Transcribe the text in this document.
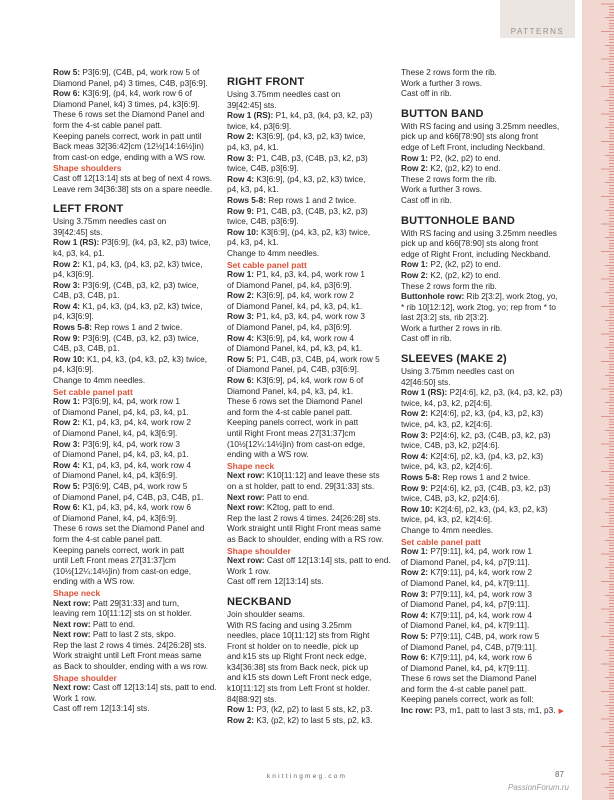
PATTERNS
Row 5: P3[6:9], (C4B, p4, work row 5 of
Diamond Panel, p4) 3 times, C4B, p3[6:9].
Row 6: K3[6:9], (p4, k4, work row 6 of
Diamond Panel, k4) 3 times, p4, k3[6:9].
These 6 rows set the Diamond Panel and
form the 4-st cable panel patt.
Keeping panels correct, work in patt until
Back meas 32[36:42]cm (12½[14:16½]in)
from cast-on edge, ending with a WS row.
Shape shoulders
Cast off 12[13:14] sts at beg of next 4 rows.
Leave rem 34[36:38] sts on a spare needle.
LEFT FRONT
Using 3.75mm needles cast on
39[42:45] sts.
Row 1 (RS): P3[6:9], (k4, p3, k2, p3) twice,
k4, p3, k4, p1.
Row 2: K1, p4, k3, (p4, k3, p2, k3) twice,
p4, k3[6:9].
Row 3: P3[6:9], (C4B, p3, k2, p3) twice,
C4B, p3, C4B, p1.
Row 4: K1, p4, k3, (p4, k3, p2, k3) twice,
p4, k3[6:9].
Rows 5-8: Rep rows 1 and 2 twice.
Row 9: P3[6:9], (C4B, p3, k2, p3) twice,
C4B, p3, C4B, p1.
Row 10: K1, p4, k3, (p4, k3, p2, k3) twice,
p4, k3[6:9].
Change to 4mm needles.
Set cable panel patt
Row 1: P3[6:9], k4, p4, work row 1
of Diamond Panel, p4, k4, p3, k4, p1.
Row 2: K1, p4, k3, p4, k4, work row 2
of Diamond Panel, k4, p4, k3[6:9].
Row 3: P3[6:9], k4, p4, work row 3
of Diamond Panel, p4, k4, p3, k4, p1.
Row 4: K1, p4, k3, p4, k4, work row 4
of Diamond Panel, k4, p4, k3[6:9].
Row 5: P3[6:9], C4B, p4, work row 5
of Diamond Panel, p4, C4B, p3, C4B, p1.
Row 6: K1, p4, k3, p4, k4, work row 6
of Diamond Panel, k4, p4, k3[6:9].
These 6 rows set the Diamond Panel and
form the 4-st cable panel patt.
Keeping panels correct, work in patt
until Left Front meas 27[31:37]cm
(10½[12¼:14½]in) from cast-on edge,
ending with a WS row.
Shape neck
Next row: Patt 29[31:33] and turn,
leaving rem 10[11:12] sts on st holder.
Next row: Patt to end.
Next row: Patt to last 2 sts, skpo.
Rep the last 2 rows 4 times. 24[26:28] sts.
Work straight until Left Front meas same
as Back to shoulder, ending with a ws row.
Shape shoulder
Next row: Cast off 12[13:14] sts, patt to end.
Work 1 row.
Cast off rem 12[13:14] sts.
RIGHT FRONT
Using 3.75mm needles cast on
39[42:45] sts.
Row 1 (RS): P1, k4, p3, (k4, p3, k2, p3)
twice, k4, p3[6:9].
Row 2: K3[6:9], (p4, k3, p2, k3) twice,
p4, k3, p4, k1.
Row 3: P1, C4B, p3, (C4B, p3, k2, p3)
twice, C4B, p3[6:9].
Row 4: K3[6:9], (p4, k3, p2, k3) twice,
p4, k3, p4, k1.
Rows 5-8: Rep rows 1 and 2 twice.
Row 9: P1, C4B, p3, (C4B, p3, k2, p3)
twice, C4B, p3[6:9].
Row 10: K3[6:9], (p4, k3, p2, k3) twice,
p4, k3, p4, k1.
Change to 4mm needles.
Set cable panel patt
Row 1: P1, k4, p3, k4, p4, work row 1
of Diamond Panel, p4, k4, p3[6:9].
Row 2: K3[6:9], p4, k4, work row 2
of Diamond Panel, k4, p4, k3, p4, k1.
Row 3: P1, k4, p3, k4, p4, work row 3
of Diamond Panel, p4, k4, p3[6:9].
Row 4: K3[6:9], p4, k4, work row 4
of Diamond Panel, k4, p4, k3, p4, k1.
Row 5: P1, C4B, p3, C4B, p4, work row 5
of Diamond Panel, p4, C4B, p3[6:9].
Row 6: K3[6:9], p4, k4, work row 6 of
Diamond Panel, k4, p4, k3, p4, k1.
These 6 rows set the Diamond Panel
and form the 4-st cable panel patt.
Keeping panels correct, work in patt
until Right Front meas 27[31:37]cm
(10½[12¼:14½]in) from cast-on edge,
ending with a WS row.
Shape neck
Next row: K10[11:12] and leave these sts
on a st holder, patt to end. 29[31:33] sts.
Next row: Patt to end.
Next row: K2tog, patt to end.
Rep the last 2 rows 4 times. 24[26:28] sts.
Work straight until Right Front meas same
as Back to shoulder, ending with a RS row.
Shape shoulder
Next row: Cast off 12[13:14] sts, patt to end.
Work 1 row.
Cast off rem 12[13:14] sts.
NECKBAND
Join shoulder seams.
With RS facing and using 3.25mm
needles, place 10[11:12] sts from Right
Front st holder on to needle, pick up
and k15 sts up Right Front neck edge,
k34[36:38] sts from Back neck, pick up
and k15 sts down Left Front neck edge,
k10[11:12] sts from Left Front st holder.
84[88:92] sts.
Row 1: P3, (k2, p2) to last 5 sts, k2, p3.
Row 2: K3, (p2, k2) to last 5 sts, p2, k3.
These 2 rows form the rib.
Work a further 3 rows.
Cast off in rib.
BUTTON BAND
With RS facing and using 3.25mm needles,
pick up and k66[78:90] sts along front
edge of Left Front, including Neckband.
Row 1: P2, (k2, p2) to end.
Row 2: K2, (p2, k2) to end.
These 2 rows form the rib.
Work a further 3 rows.
Cast off in rib.
BUTTONHOLE BAND
With RS facing and using 3.25mm needles
pick up and k66[78:90] sts along front
edge of Right Front, including Neckband.
Row 1: P2, (k2, p2) to end.
Row 2: K2, (p2, k2) to end.
These 2 rows form the rib.
Buttonhole row: Rib 2[3:2], work 2tog, yo,
* rib 10[12:12], work 2tog, yo; rep from * to
last 2[3:2] sts, rib 2[3:2].
Work a further 2 rows in rib.
Cast off in rib.
SLEEVES (MAKE 2)
Using 3.75mm needles cast on
42[46:50] sts.
Row 1 (RS): P2[4:6], k2, p3, (k4, p3, k2, p3)
twice, k4, p3, k2, p2[4:6].
Row 2: K2[4:6], p2, k3, (p4, k3, p2, k3)
twice, p4, k3, p2, k2[4:6].
Row 3: P2[4:6], k2, p3, (C4B, p3, k2, p3)
twice, C4B, p3, k2, p2[4:6].
Row 4: K2[4:6], p2, k3, (p4, k3, p2, k3)
twice, p4, k3, p2, k2[4:6].
Rows 5-8: Rep rows 1 and 2 twice.
Row 9: P2[4:6], k2, p3, (C4B, p3, k2, p3)
twice, C4B, p3, k2, p2[4:6].
Row 10: K2[4:6], p2, k3, (p4, k3, p2, k3)
twice, p4, k3, p2, k2[4:6].
Change to 4mm needles.
Set cable panel patt
Row 1: P7[9:11], k4, p4, work row 1
of Diamond Panel, p4, k4, p7[9:11].
Row 2: K7[9:11], p4, k4, work row 2
of Diamond Panel, k4, p4, k7[9:11].
Row 3: P7[9:11], k4, p4, work row 3
of Diamond Panel, p4, k4, p7[9:11].
Row 4: K7[9:11], p4, k4, work row 4
of Diamond Panel, k4, p4, k7[9:11].
Row 5: P7[9:11], C4B, p4, work row 5
of Diamond Panel, p4, C4B, p7[9:11].
Row 6: K7[9:11], p4, k4, work row 6
of Diamond Panel, k4, p4, k7[9:11].
These 6 rows set the Diamond Panel
and form the 4-st cable panel patt.
Keeping panels correct, work as foll:
Inc row: P3, m1, patt to last 3 sts, m1, p3. ▶
knittingmeg.com	87
PassionForum.ru
